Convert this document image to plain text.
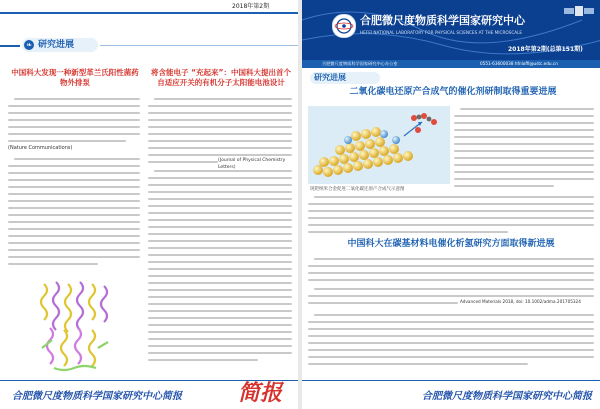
2018年第2期
❧ 研究进展
中国科大发现一种新型革兰氏阳性菌药物外排泵
(Nature Communications)
将含能电子 “充起来”：中国科大提出首个自适应开关的有机分子太阳能电池设计
(Journal of Physical Chemistry Letters)
合肥微尺度物质科学国家研究中心简报	简报
合肥微尺度物质科学国家研究中心
HEFEI NATIONAL LABORATORY FOR PHYSICAL SCIENCES AT THE MICROSCALE
2018年第2期(总第151期)
合肥微尺度物质科学国家研究中心办公室	0551-63600038 hfnloffi@ustc.edu.cn
研究进展
二氧化碳电还原产合成气的催化剂研制取得重要进展
钝钯纳米合金促进二氧化碳还原产合成气示意图
中国科大在碳基材料电催化析氢研究方面取得新进展
Advanced Materials 2018, doi: 10.1002/adma.201705324
合肥微尺度物质科学国家研究中心简报
